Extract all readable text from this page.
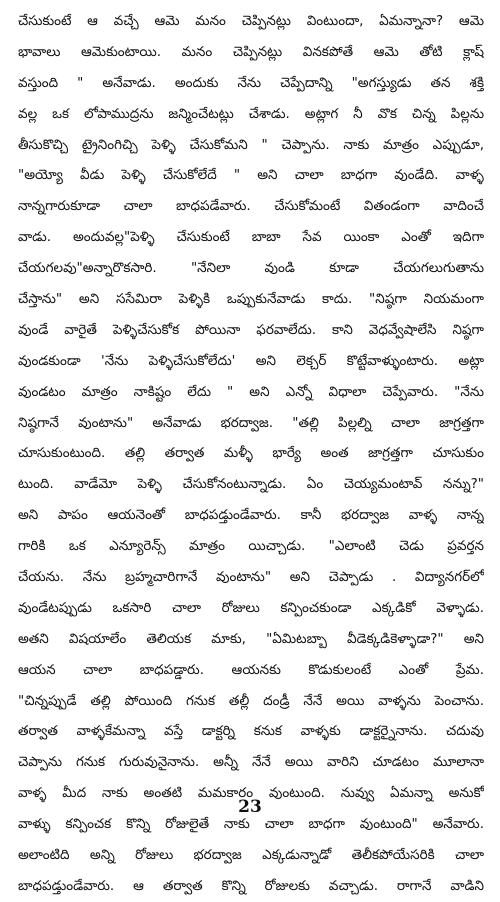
చేసుకుంటే ఆ వచ్చే ఆమె మనం చెప్పినట్లు వింటుందా, ఏమన్నానా? ఆమె
భావాలు ఆమెకుంటాయి. మనం చెప్పినట్లు వినకపోతే ఆమె తోటి క్లాష్
వస్తుంది " అనేవాడు. అందుకు నేను చెప్పేదాన్ని "అగస్త్యుడు తన శక్తి
వల్ల ఒక లోపాముద్రను జన్మించేటట్లు చేశాడు. అట్లాగ నీ వొక చిన్న పిల్లను
తీసుకొచ్చి ట్రైనింగిచ్చి పెళ్ళి చేసుకోమని " చెప్పాను. నాకు మాత్రం ఎప్పుడూ,
"అయ్యో వీడు పెళ్ళి చేసుకోలేదే " అని చాలా బాధగా వుండేది. వాళ్ళ
నాన్నగారుకూడా చాలా బాధపడేవారు. చేసుకోమంటే వితండంగా వాదించే
వాడు. అందువల్ల"పెళ్ళి చేసుకుంటే బాబా సేవ యింకా ఎంతో ఇదిగా
చేయగలవు"అన్నారొకసారి. "నేనిలా వుండి కూడా చేయగలుగుతాను
చేస్తాను" అని ససేమిరా పెళ్ళికి ఒప్పుకునేవాడు కాదు. "నిష్ఠగా నియమంగా
వుండే వారైతే పెళ్ళిచేసుకోక పోయినా ఫరవాలేదు. కాని వెధవ్వేషాలేసి నిష్ఠగా
వుండకుండా 'నేను పెళ్ళిచేసుకోలేదు' అని లెక్చర్ కొట్టేవాళ్ళుంటారు. అట్లా
వుండటం మాత్రం నాకిష్టం లేదు " అని ఎన్నో విధాలా చెప్పేవారు. "నేను
నిష్ఠగానే వుంటాను" అనేవాడు భరద్వాజ. "తల్లి పిల్లల్ని చాలా జాగ్రత్తగా
చూసుకుంటుంది. తల్లి తర్వాత మళ్ళీ భార్యే అంత జాగ్రత్తగా చూసుకుం
టుంది. వాడేమో పెళ్ళి చేసుకోనంటున్నాడు. ఏం చెయ్యమంటావ్ నన్ను?"
అని పాపం ఆయనెంతో బాధపడ్తుండేవారు. కానీ భరద్వాజ వాళ్ళ నాన్న
గారికి ఒక ఎన్యూరెన్స్ మాత్రం యిచ్చాడు. "ఎలాంటి చెడు ప్రవర్తన
చేయను. నేను బ్రహ్మచారిగానే వుంటాను" అని చెప్పాడు . విద్యానగర్‌లో
వుండేటప్పుడు ఒకసారి చాలా రోజులు కన్పించకుండా ఎక్కడికో వెళ్ళాడు.
అతని విషయాలేం తెలియక మాకు, "ఏమిటబ్బా వీడెక్కడికెళ్ళాడా?" అని
ఆయన చాలా బాధపడ్డారు. ఆయనకు కొడుకులంటే ఎంతో ప్రేమ.
"చిన్నప్పుడే తల్లి పోయింది గనుక తల్లీ దండ్రీ నేనే అయి వాళ్ళను పెంచాను.
తర్వాత వాళ్ళకేమన్నా వస్తే డాక్టర్ని కనుక వాళ్ళకు డాక్టర్నైనాను. చదువు
చెప్పాను గనుక గురువునైనాను. అన్నీ నేనే అయి వారిని చూడటం మూలానా
వాళ్ళ మీద నాకు అంతటి మమకారం వుంటుంది. నువ్వు ఏమన్నా అనుకో
వాళ్ళు కన్పించక కొన్ని రోజులైతే నాకు చాలా బాధగా వుంటుంది" అనేవారు.
అలాంటిది అన్ని రోజులు భరద్వాజ ఎక్కడున్నాడో తెలీకపోయేసరికి చాలా
బాధపడ్తుండేవారు. ఆ తర్వాత కొన్ని రోజులకు వచ్చాడు. రాగానే వాడిని
23
